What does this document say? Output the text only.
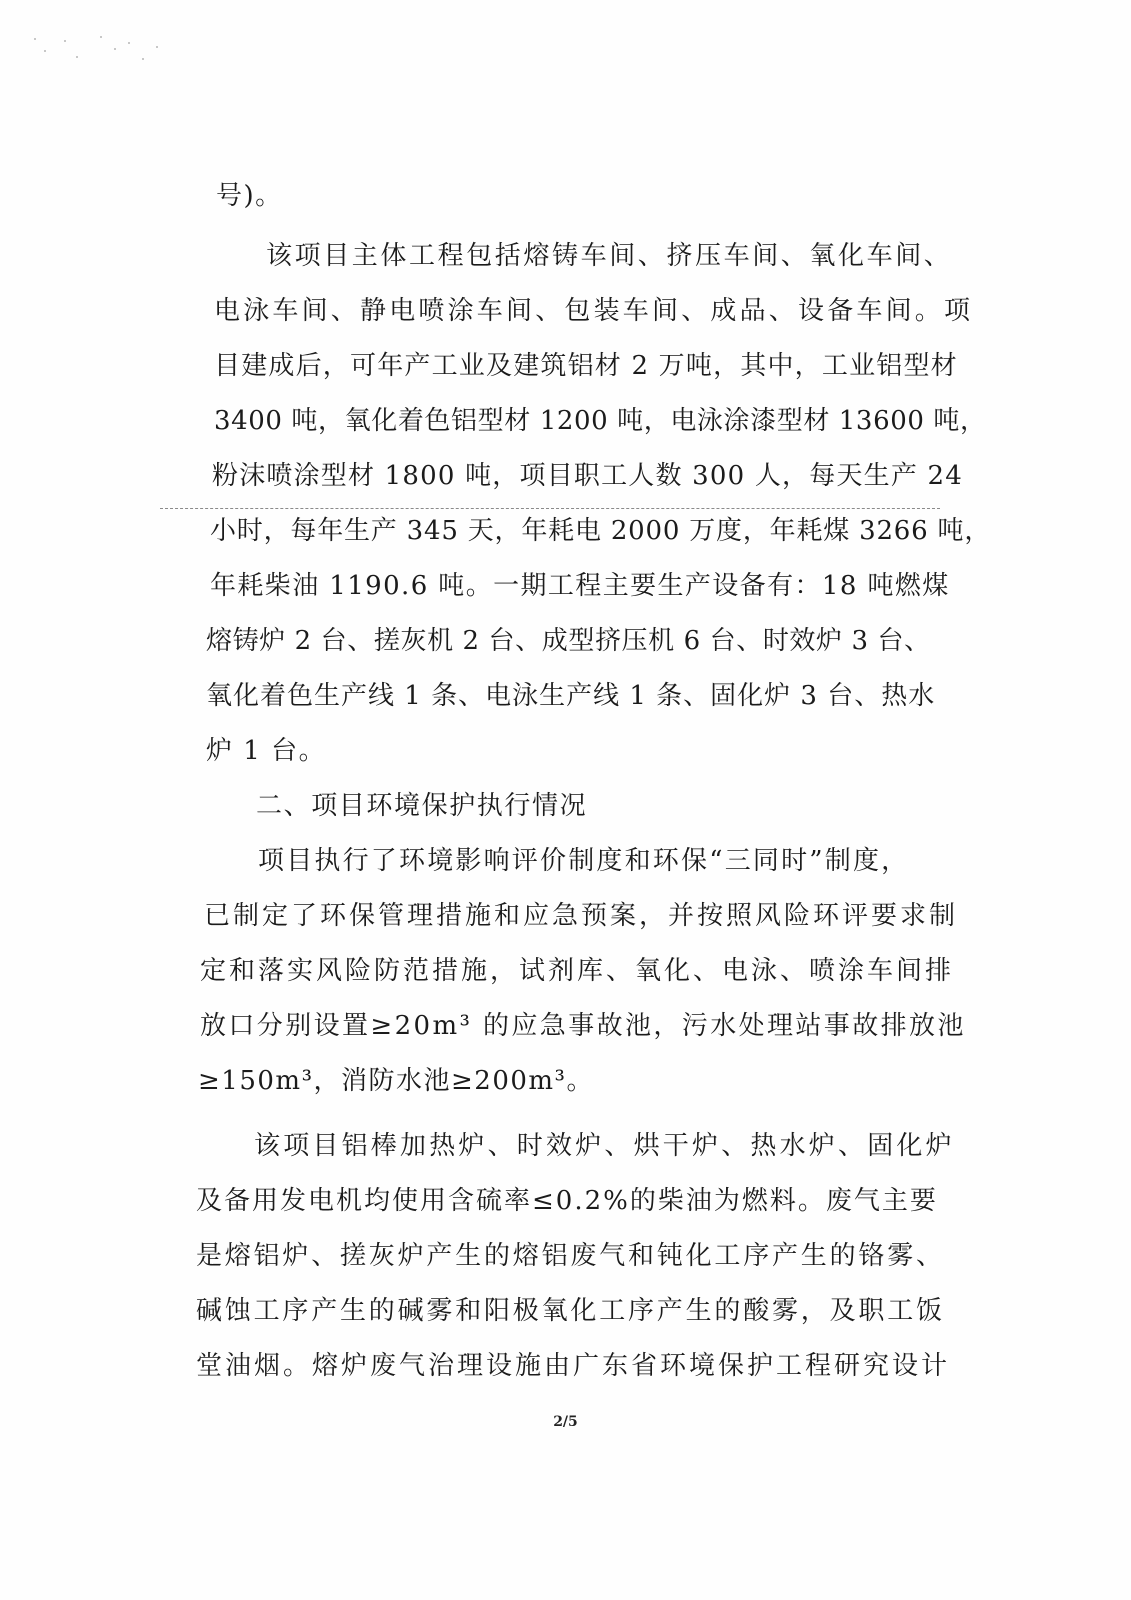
号)。
该项目主体工程包括熔铸车间、挤压车间、氧化车间、
电泳车间、静电喷涂车间、包装车间、成品、设备车间。项
目建成后，可年产工业及建筑铝材 2 万吨，其中，工业铝型材
3400 吨，氧化着色铝型材 1200 吨，电泳涂漆型材 13600 吨，
粉沫喷涂型材 1800 吨，项目职工人数 300 人，每天生产 24
小时，每年生产 345 天，年耗电 2000 万度，年耗煤 3266 吨，
年耗柴油 1190.6 吨。一期工程主要生产设备有：18 吨燃煤
熔铸炉 2 台、搓灰机 2 台、成型挤压机 6 台、时效炉 3 台、
氧化着色生产线 1 条、电泳生产线 1 条、固化炉 3 台、热水
炉 1 台。
二、项目环境保护执行情况
项目执行了环境影响评价制度和环保“三同时”制度，
已制定了环保管理措施和应急预案，并按照风险环评要求制
定和落实风险防范措施，试剂库、氧化、电泳、喷涂车间排
放口分别设置≥20m³ 的应急事故池，污水处理站事故排放池
≥150m³，消防水池≥200m³。
该项目铝棒加热炉、时效炉、烘干炉、热水炉、固化炉
及备用发电机均使用含硫率≤0.2%的柴油为燃料。废气主要
是熔铝炉、搓灰炉产生的熔铝废气和钝化工序产生的铬雾、
碱蚀工序产生的碱雾和阳极氧化工序产生的酸雾，及职工饭
堂油烟。熔炉废气治理设施由广东省环境保护工程研究设计
2/5
